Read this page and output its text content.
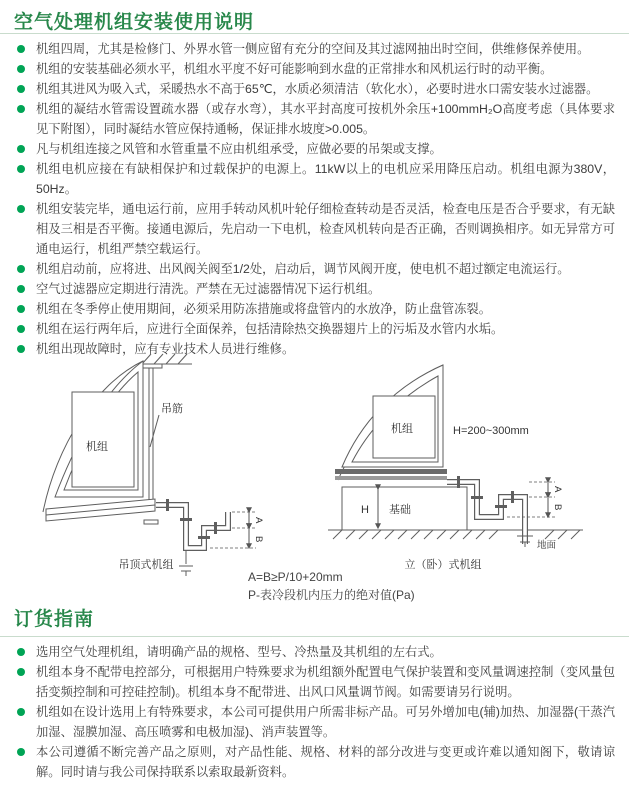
空气处理机组安装使用说明
机组四周，尤其是检修门、外界水管一侧应留有充分的空间及其过滤网抽出时空间，供维修保养使用。
机组的安装基础必须水平，机组水平度不好可能影响到水盘的正常排水和风机运行时的动平衡。
机组其进风为吸入式，采暖热水不高于65℃，水质必须清洁（软化水），必要时进水口需安装水过滤器。
机组的凝结水管需设置疏水器（或存水弯），其水平封高度可按机外余压+100mmH₂O高度考虑（具体要求见下附图），同时凝结水管应保持通畅，保证排水坡度>0.005。
凡与机组连接之风管和水管重量不应由机组承受，应做必要的吊架或支撑。
机组电机应接在有缺相保护和过载保护的电源上。11kW以上的电机应采用降压启动。机组电源为380V，50Hz。
机组安装完毕，通电运行前，应用手转动风机叶轮仔细检查转动是否灵活，检查电压是否合乎要求，有无缺相及三相是否平衡。接通电源后，先启动一下电机，检查风机转向是否正确，否则调换相序。如无异常方可通电运行，机组严禁空载运行。
机组启动前，应将进、出风阀关阀至1/2处，启动后，调节风阀开度，使电机不超过额定电流运行。
空气过滤器应定期进行清洗。严禁在无过滤器情况下运行机组。
机组在冬季停止使用期间，必须采用防冻措施或将盘管内的水放净，防止盘管冻裂。
机组在运行两年后，应进行全面保养，包括清除热交换器翅片上的污垢及水管内水垢。
机组出现故障时，应有专业技术人员进行维修。
吊筋
机组
A
B
吊顶式机组
机组	H=200~300mm
基础
H
地面
A
B
立（卧）式机组
A=B≥P/10+20mm
P-表冷段机内压力的绝对值(Pa)
订货指南
选用空气处理机组，请明确产品的规格、型号、冷热量及其机组的左右式。
机组本身不配带电控部分，可根据用户特殊要求为机组额外配置电气保护装置和变风量调速控制（变风量包括变频控制和可控硅控制)。机组本身不配带进、出风口风量调节阀。如需要请另行说明。
机组如在设计选用上有特殊要求，本公司可提供用户所需非标产品。可另外增加电(辅)加热、加湿器(干蒸汽加湿、湿膜加湿、高压喷雾和电极加湿)、消声装置等。
本公司遵循不断完善产品之原则，对产品性能、规格、材料的部分改进与变更或许难以通知阁下，敬请谅解。同时请与我公司保持联系以索取最新资料。
